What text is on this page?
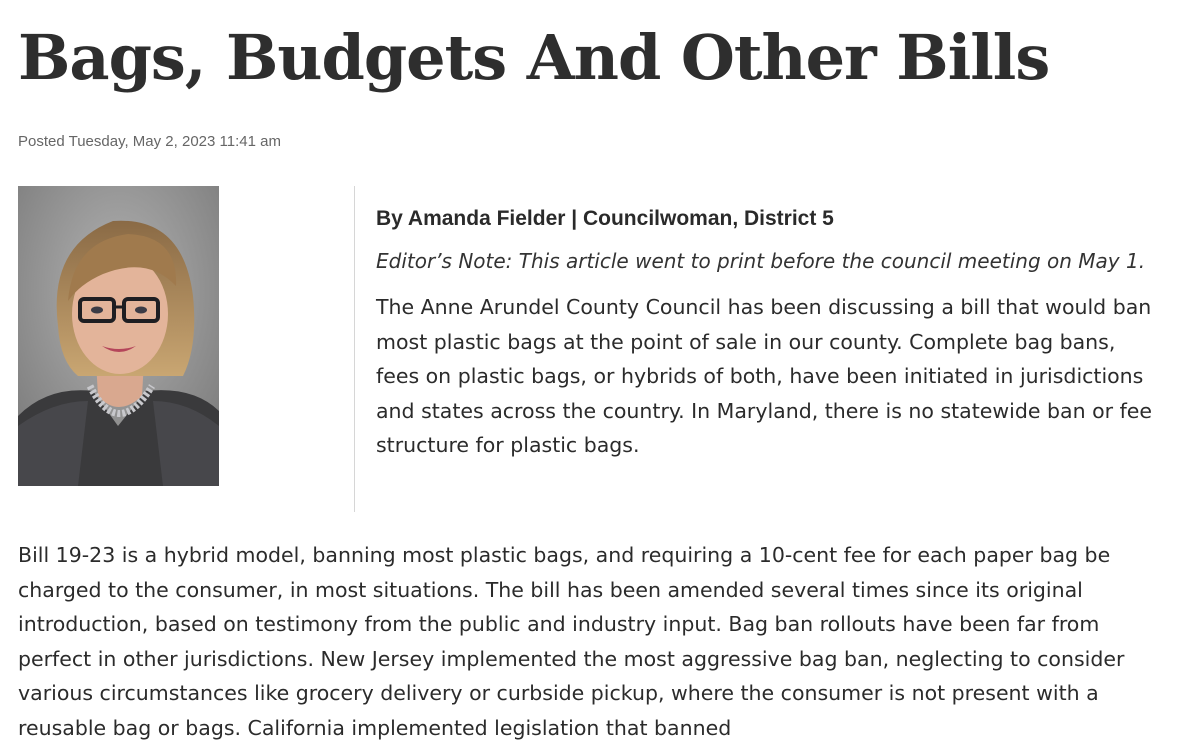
Bags, Budgets And Other Bills
Posted Tuesday, May 2, 2023 11:41 am

By Amanda Fielder | Councilwoman, District 5

Editor’s Note: This article went to print before the council meeting on May 1.

The Anne Arundel County Council has been discussing a bill that would ban most plastic bags at the point of sale in our county. Complete bag bans, fees on plastic bags, or hybrids of both, have been initiated in jurisdictions and states across the country. In Maryland, there is no statewide ban or fee structure for plastic bags.

Bill 19-23 is a hybrid model, banning most plastic bags, and requiring a 10-cent fee for each paper bag be charged to the consumer, in most situations. The bill has been amended several times since its original introduction, based on testimony from the public and industry input. Bag ban rollouts have been far from perfect in other jurisdictions. New Jersey implemented the most aggressive bag ban, neglecting to consider various circumstances like grocery delivery or curbside pickup, where the consumer is not present with a reusable bag or bags. California implemented legislation that banned
